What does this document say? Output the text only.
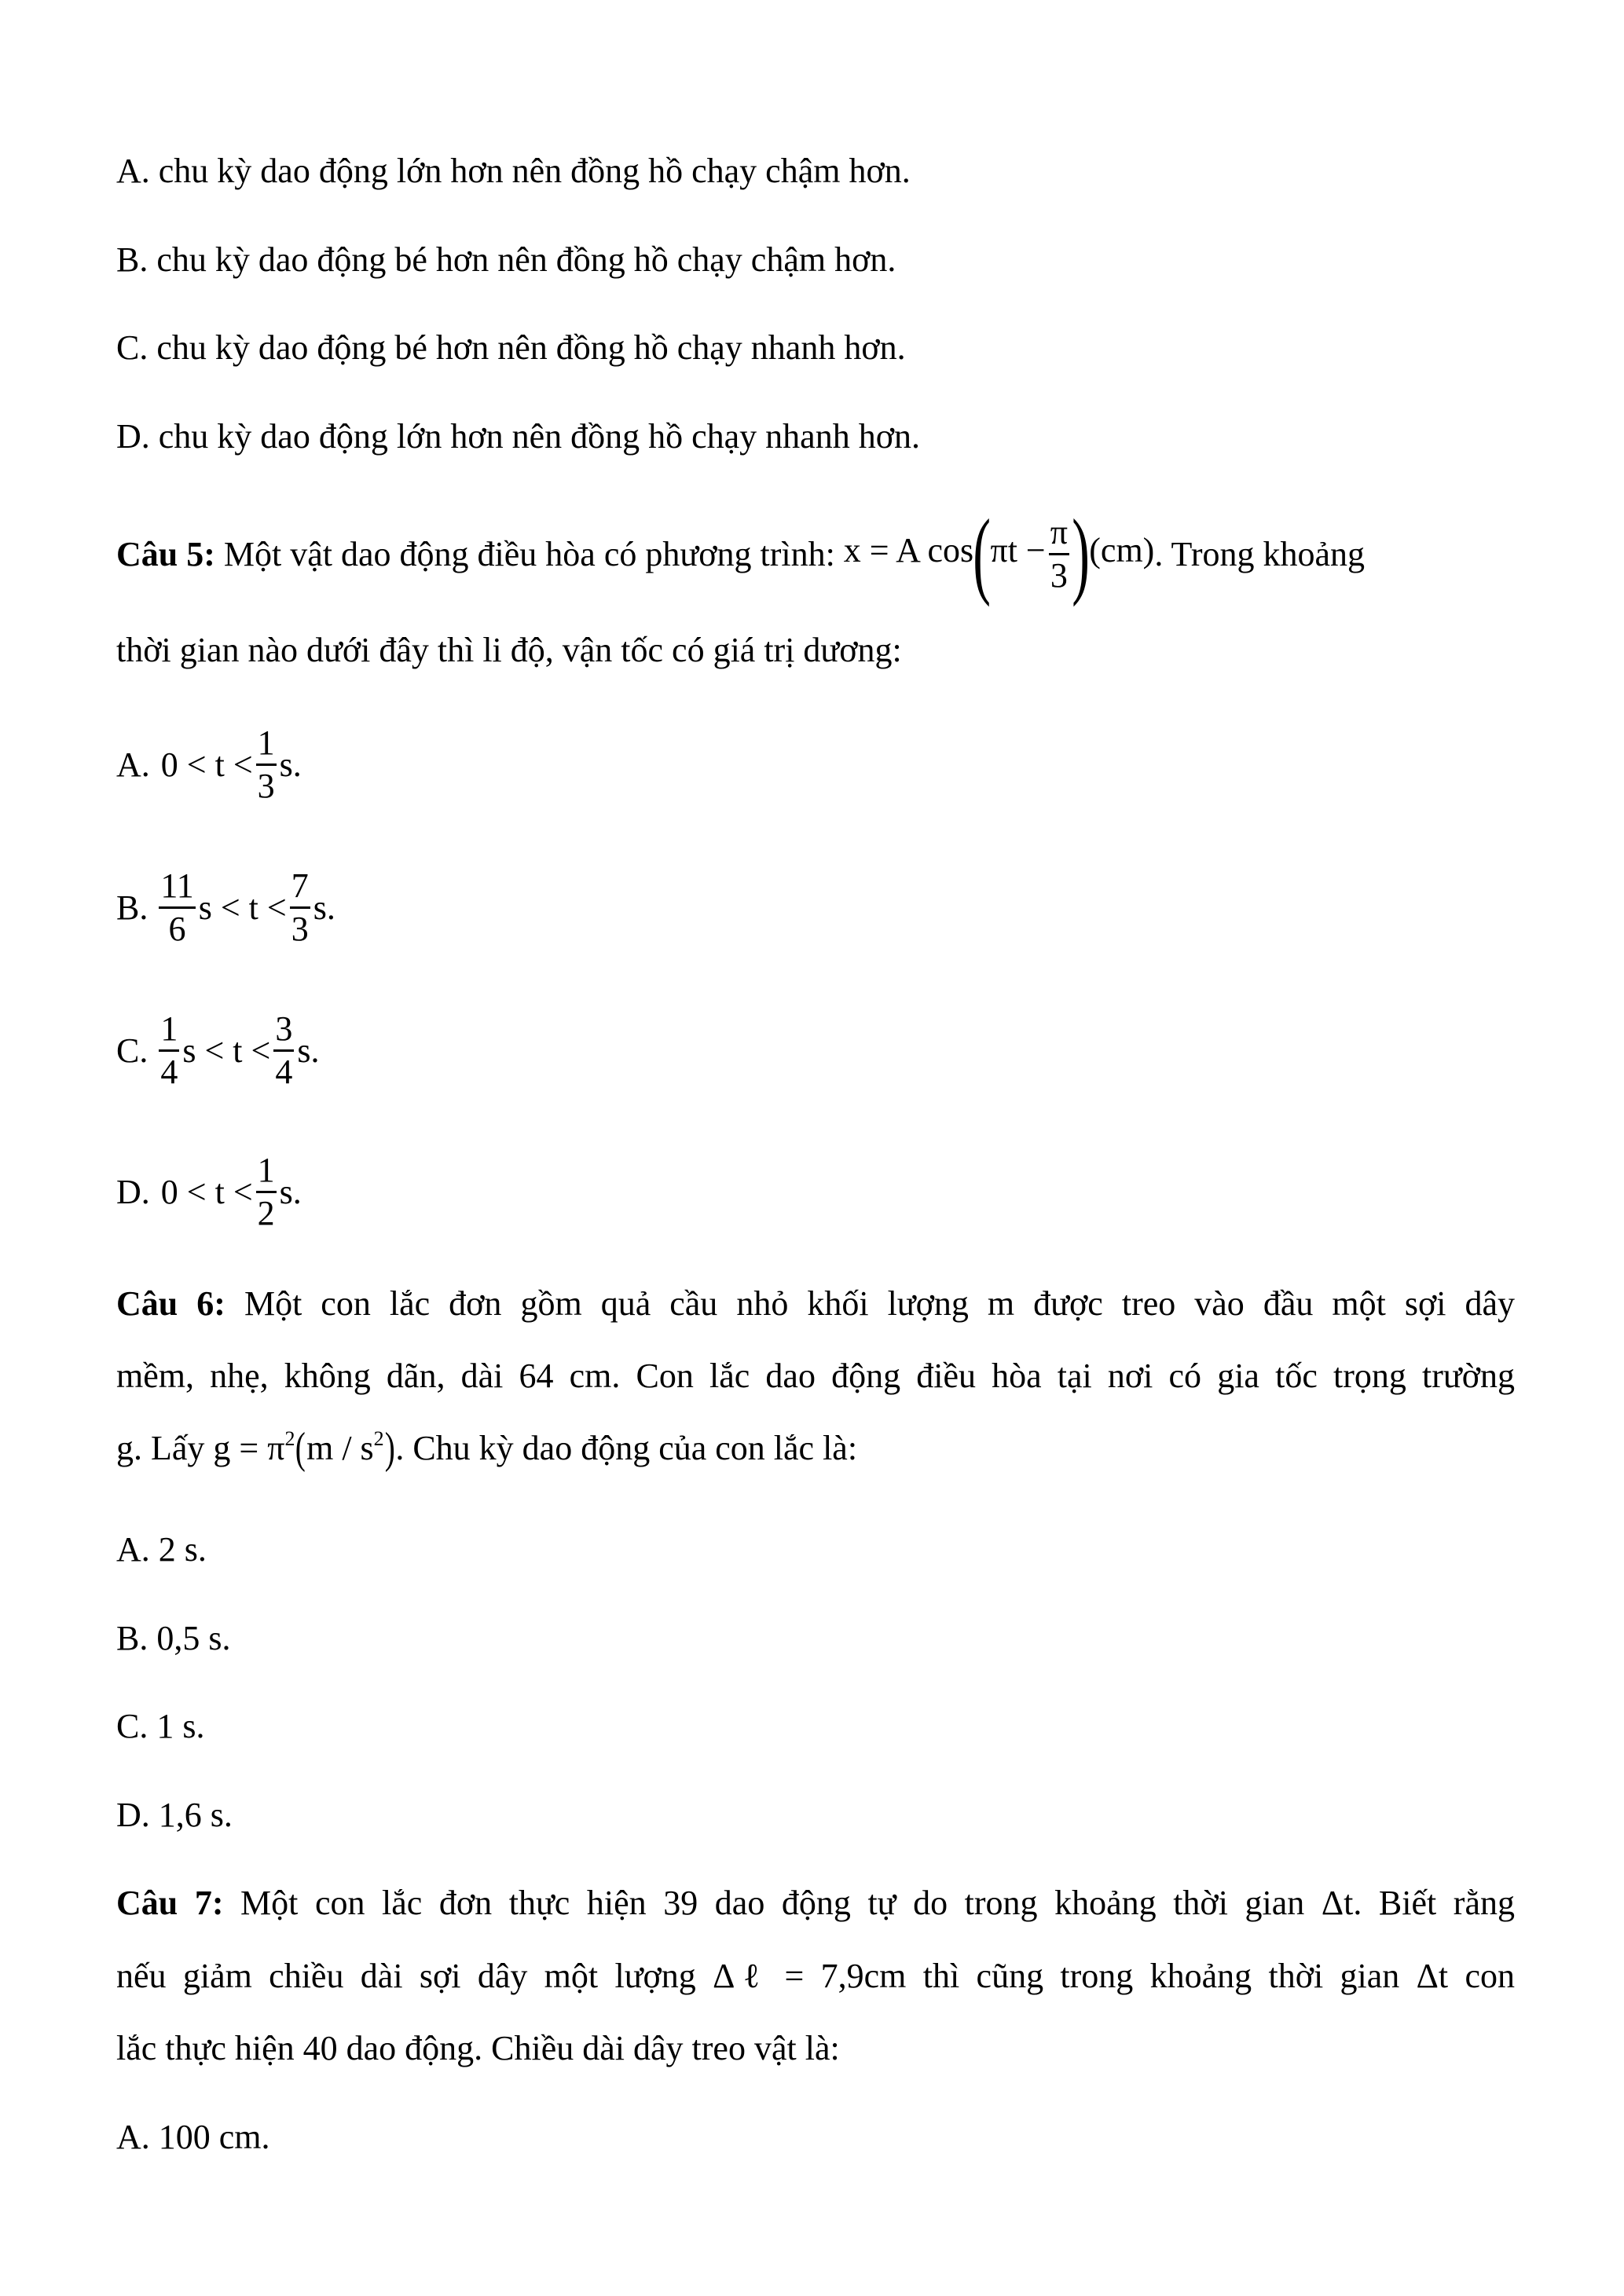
A. chu kỳ dao động lớn hơn nên đồng hồ chạy chậm hơn.
B. chu kỳ dao động bé hơn nên đồng hồ chạy chậm hơn.
C. chu kỳ dao động bé hơn nên đồng hồ chạy nhanh hơn.
D. chu kỳ dao động lớn hơn nên đồng hồ chạy nhanh hơn.
Câu 5: Một vật dao động điều hòa có phương trình: x = A $\cos(\pi t - \frac{\pi}{3} )(cm)$ . Trong khoảng
thời gian nào dưới đây thì li độ, vận tốc có giá trị dương:
A. $0 < t < \frac{1}{3} s$.
B. $\frac{11}{6}$ $s < t < \frac{7}{3} s$.
C. $\frac{1}{4}$ $s < t < \frac{3}{4} s$.
D. $0 < t < \frac{1}{2} s$.
Câu 6: Một con lắc đơn gồm quả cầu nhỏ khối lượng m được treo vào đầu một sợi dây
mềm, nhẹ, không dãn, dài 64 cm. Con lắc dao động điều hòa tại nơi có gia tốc trọng trường
g. Lấy $g = \pi^2(m / s^2)$. Chu kỳ dao động của con lắc là:
A. 2 s.
B. 0,5 s.
C. 1 s.
D. 1,6 s.
Câu 7: Một con lắc đơn thực hiện 39 dao động tự do trong khoảng thời gian Δt. Biết rằng
nếu giảm chiều dài sợi dây một lượng Δℓ = 7,9cm thì cũng trong khoảng thời gian Δt con
lắc thực hiện 40 dao động. Chiều dài dây treo vật là:
A. 100 cm.
